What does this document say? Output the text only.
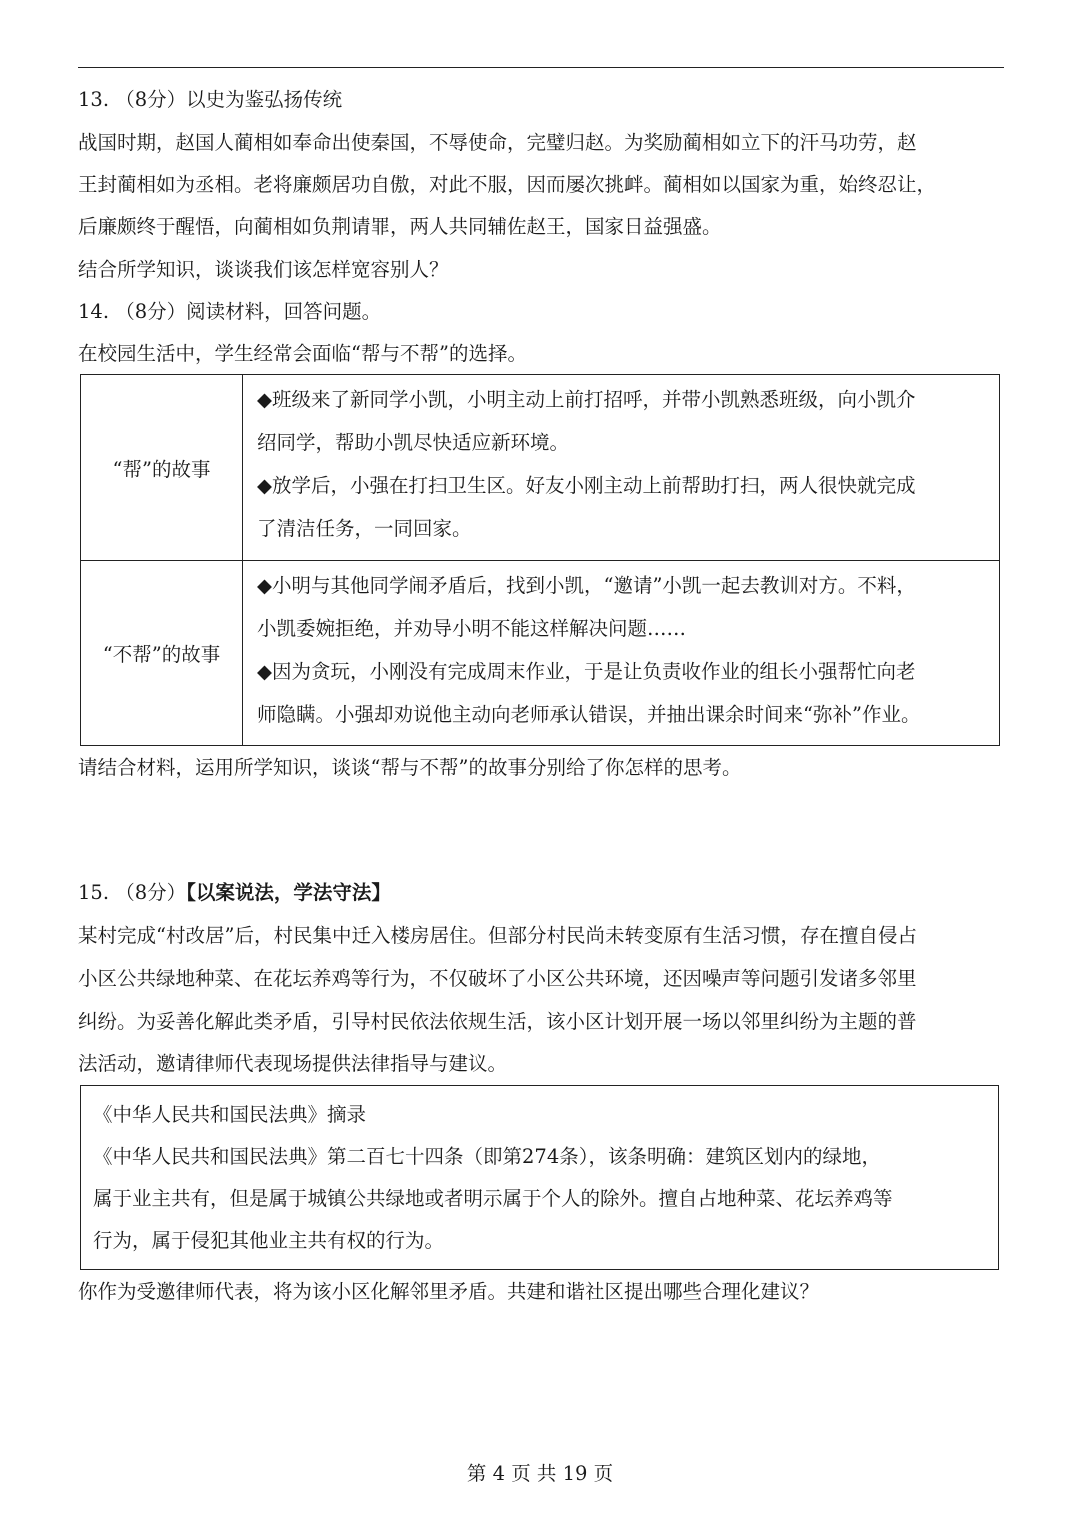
13. （8分）以史为鉴弘扬传统
战国时期，赵国人蔺相如奉命出使秦国，不辱使命，完璧归赵。为奖励蔺相如立下的汗马功劳，赵
王封蔺相如为丞相。老将廉颇居功自傲，对此不服，因而屡次挑衅。蔺相如以国家为重，始终忍让，
后廉颇终于醒悟，向蔺相如负荆请罪，两人共同辅佐赵王，国家日益强盛。
结合所学知识，谈谈我们该怎样宽容别人？
14. （8分）阅读材料，回答问题。
在校园生活中，学生经常会面临“帮与不帮”的选择。
“帮”的故事	◆班级来了新同学小凯，小明主动上前打招呼，并带小凯熟悉班级，向小凯介
绍同学，帮助小凯尽快适应新环境。
◆放学后，小强在打扫卫生区。好友小刚主动上前帮助打扫，两人很快就完成
了清洁任务，一同回家。

“不帮”的故事	◆小明与其他同学闹矛盾后，找到小凯，“邀请”小凯一起去教训对方。不料，
小凯委婉拒绝，并劝导小明不能这样解决问题……
◆因为贪玩，小刚没有完成周末作业，于是让负责收作业的组长小强帮忙向老
师隐瞒。小强却劝说他主动向老师承认错误，并抽出课余时间来“弥补”作业。
请结合材料，运用所学知识，谈谈“帮与不帮”的故事分别给了你怎样的思考。
15. （8分）【以案说法，学法守法】
某村完成“村改居”后，村民集中迁入楼房居住。但部分村民尚未转变原有生活习惯，存在擅自侵占
小区公共绿地种菜、在花坛养鸡等行为，不仅破坏了小区公共环境，还因噪声等问题引发诸多邻里
纠纷。为妥善化解此类矛盾，引导村民依法依规生活，该小区计划开展一场以邻里纠纷为主题的普
法活动，邀请律师代表现场提供法律指导与建议。
《中华人民共和国民法典》摘录
《中华人民共和国民法典》第二百七十四条（即第274条），该条明确：建筑区划内的绿地，
属于业主共有，但是属于城镇公共绿地或者明示属于个人的除外。擅自占地种菜、花坛养鸡等
行为，属于侵犯其他业主共有权的行为。
你作为受邀律师代表，将为该小区化解邻里矛盾。共建和谐社区提出哪些合理化建议？
第 4 页 共 19 页
